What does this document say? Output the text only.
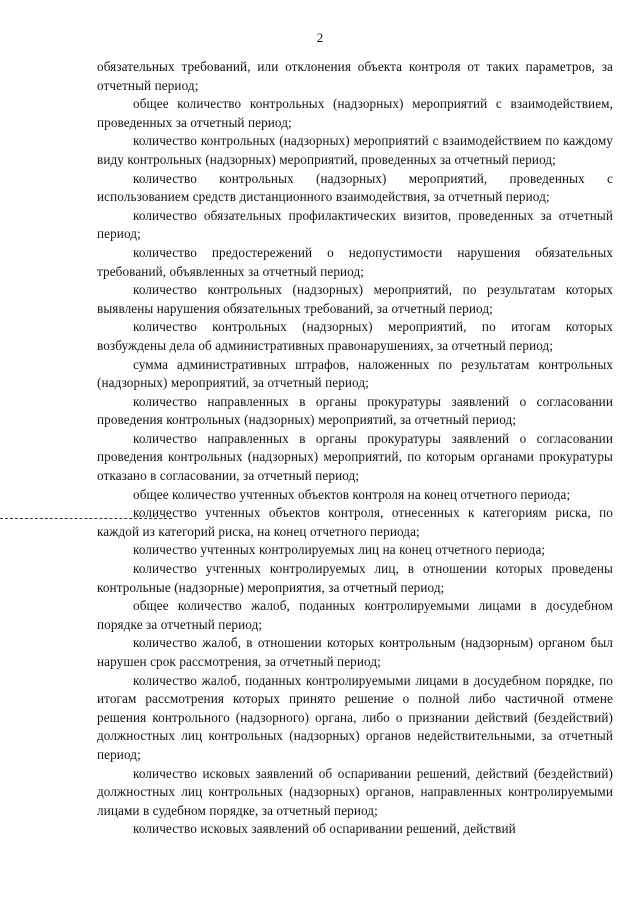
2

обязательных требований, или отклонения объекта контроля от таких параметров, за отчетный период;

общее количество контрольных (надзорных) мероприятий с взаимодействием, проведенных за отчетный период;

количество контрольных (надзорных) мероприятий с взаимодействием по каждому виду контрольных (надзорных) мероприятий, проведенных за отчетный период;

количество контрольных (надзорных) мероприятий, проведенных с использованием средств дистанционного взаимодействия, за отчетный период;

количество обязательных профилактических визитов, проведенных за отчетный период;

количество предостережений о недопустимости нарушения обязательных требований, объявленных за отчетный период;

количество контрольных (надзорных) мероприятий, по результатам которых выявлены нарушения обязательных требований, за отчетный период;

количество контрольных (надзорных) мероприятий, по итогам которых возбуждены дела об административных правонарушениях, за отчетный период;

сумма административных штрафов, наложенных по результатам контрольных (надзорных) мероприятий, за отчетный период;

количество направленных в органы прокуратуры заявлений о согласовании проведения контрольных (надзорных) мероприятий, за отчетный период;

количество направленных в органы прокуратуры заявлений о согласовании проведения контрольных (надзорных) мероприятий, по которым органами прокуратуры отказано в согласовании, за отчетный период;

общее количество учтенных объектов контроля на конец отчетного периода;

количество учтенных объектов контроля, отнесенных к категориям риска, по каждой из категорий риска, на конец отчетного периода;

количество учтенных контролируемых лиц на конец отчетного периода;

количество учтенных контролируемых лиц, в отношении которых проведены контрольные (надзорные) мероприятия, за отчетный период;

общее количество жалоб, поданных контролируемыми лицами в досудебном порядке за отчетный период;

количество жалоб, в отношении которых контрольным (надзорным) органом был нарушен срок рассмотрения, за отчетный период;

количество жалоб, поданных контролируемыми лицами в досудебном порядке, по итогам рассмотрения которых принято решение о полной либо частичной отмене решения контрольного (надзорного) органа, либо о признании действий (бездействий) должностных лиц контрольных (надзорных) органов недействительными, за отчетный период;

количество исковых заявлений об оспаривании решений, действий (бездействий) должностных лиц контрольных (надзорных) органов, направленных контролируемыми лицами в судебном порядке, за отчетный период;

количество исковых заявлений об оспаривании решений, действий
